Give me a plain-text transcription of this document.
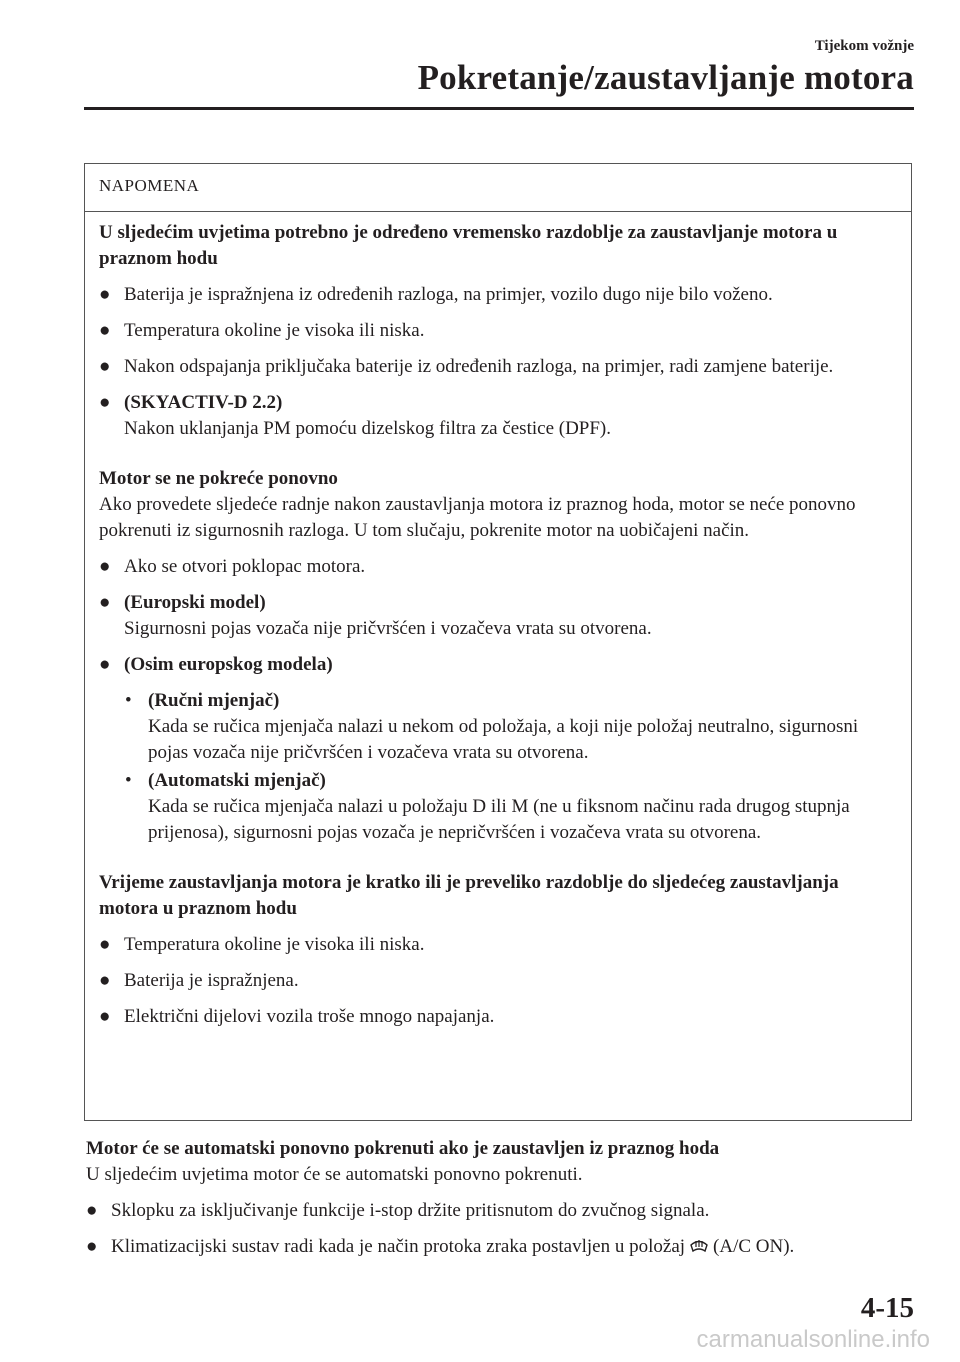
Tijekom vožnje
Pokretanje/zaustavljanje motora
NAPOMENA
U sljedećim uvjetima potrebno je određeno vremensko razdoblje za zaustavljanje motora u praznom hodu
● Baterija je ispražnjena iz određenih razloga, na primjer, vozilo dugo nije bilo voženo.
● Temperatura okoline je visoka ili niska.
● Nakon odspajanja priključaka baterije iz određenih razloga, na primjer, radi zamjene baterije.
● (SKYACTIV-D 2.2)
Nakon uklanjanja PM pomoću dizelskog filtra za čestice (DPF).
Motor se ne pokreće ponovno
Ako provedete sljedeće radnje nakon zaustavljanja motora iz praznog hoda, motor se neće ponovno pokrenuti iz sigurnosnih razloga. U tom slučaju, pokrenite motor na uobičajeni način.
● Ako se otvori poklopac motora.
● (Europski model)
Sigurnosni pojas vozača nije pričvršćen i vozačeva vrata su otvorena.
● (Osim europskog modela)
• (Ručni mjenjač)
Kada se ručica mjenjača nalazi u nekom od položaja, a koji nije položaj neutralno, sigurnosni pojas vozača nije pričvršćen i vozačeva vrata su otvorena.
• (Automatski mjenjač)
Kada se ručica mjenjača nalazi u položaju D ili M (ne u fiksnom načinu rada drugog stupnja prijenosa), sigurnosni pojas vozača je nepričvršćen i vozačeva vrata su otvorena.
Vrijeme zaustavljanja motora je kratko ili je preveliko razdoblje do sljedećeg zaustavljanja motora u praznom hodu
● Temperatura okoline je visoka ili niska.
● Baterija je ispražnjena.
● Električni dijelovi vozila troše mnogo napajanja.
Motor će se automatski ponovno pokrenuti ako je zaustavljen iz praznog hoda
U sljedećim uvjetima motor će se automatski ponovno pokrenuti.
● Sklopku za isključivanje funkcije i-stop držite pritisnutom do zvučnog signala.
● Klimatizacijski sustav radi kada je način protoka zraka postavljen u položaj (A/C ON).
4-15
carmanualsonline.info
